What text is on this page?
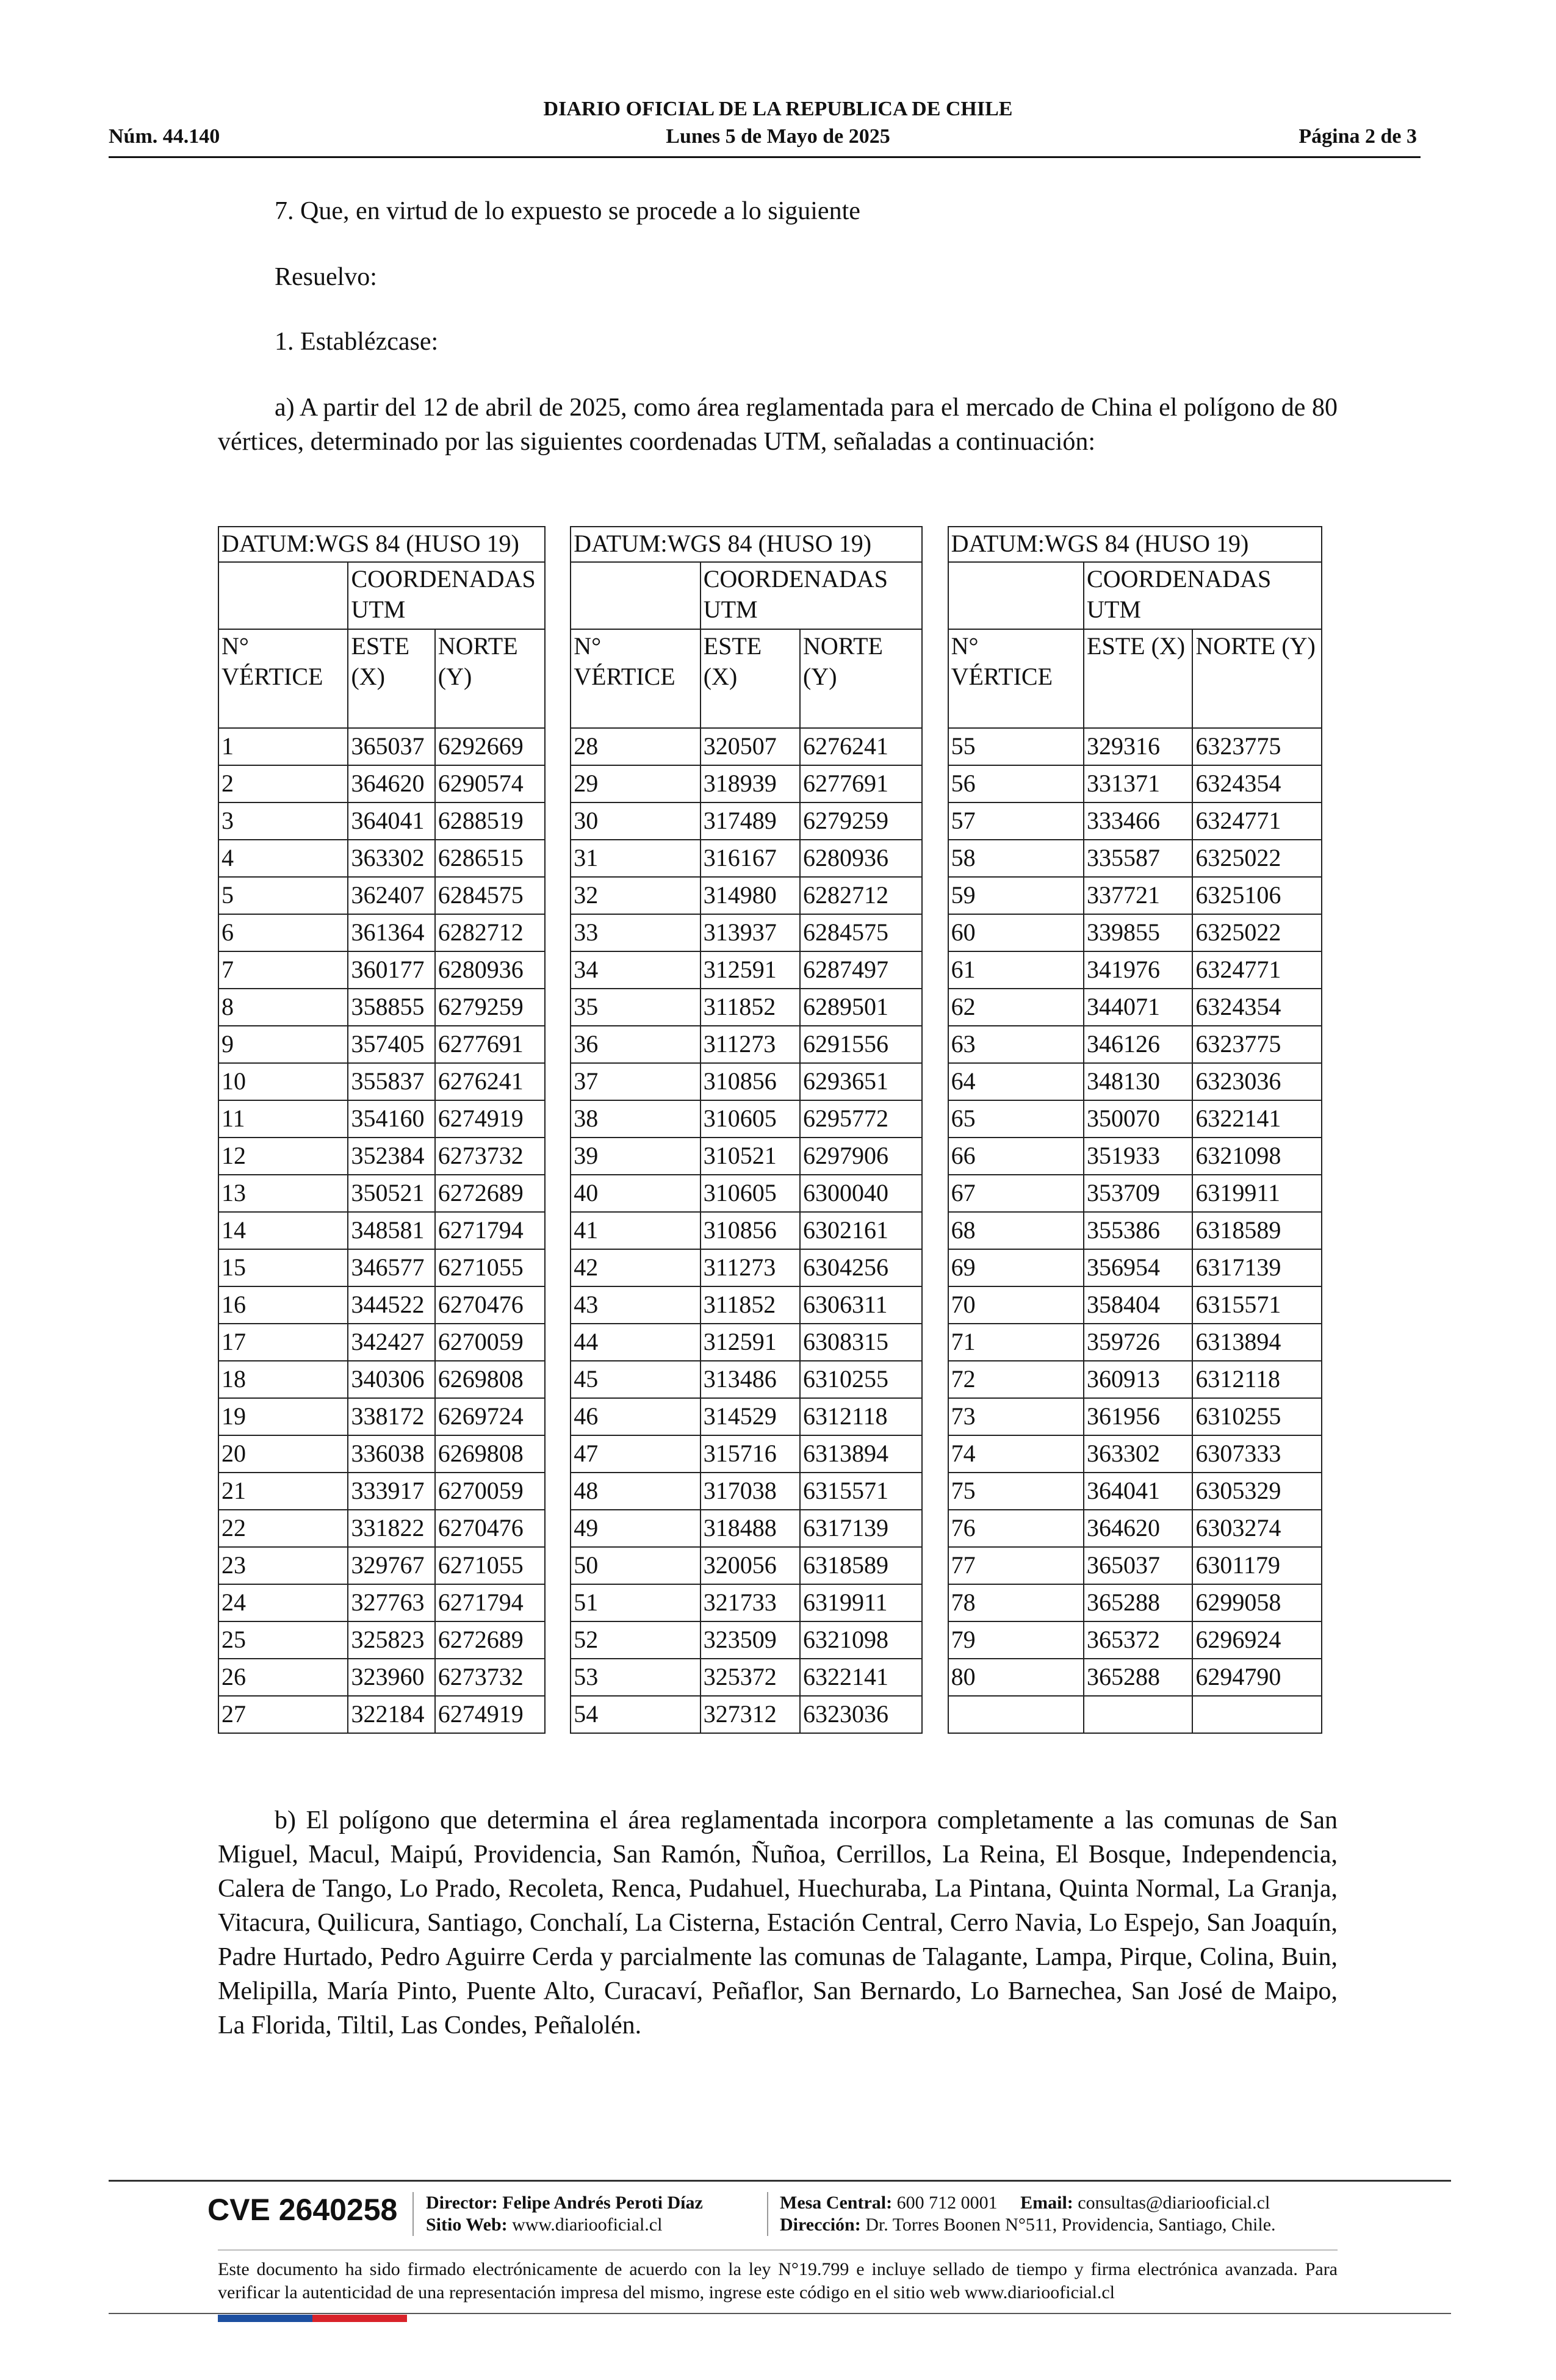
DIARIO OFICIAL DE LA REPUBLICA DE CHILE
Núm. 44.140	Lunes 5 de Mayo de 2025	Página 2 de 3
7. Que, en virtud de lo expuesto se procede a lo siguiente
Resuelvo:
1. Establézcase:
a) A partir del 12 de abril de 2025, como área reglamentada para el mercado de China el polígono de 80 vértices, determinado por las siguientes coordenadas UTM, señaladas a continuación:
DATUM:WGS 84 (HUSO 19)				DATUM:WGS 84 (HUSO 19)				DATUM:WGS 84 (HUSO 19)		
	COORDENADAS UTM				COORDENADAS UTM				COORDENADAS UTM	
N° VÉRTICE	ESTE (X)	NORTE (Y)		N° VÉRTICE	ESTE (X)	NORTE (Y)		N° VÉRTICE	ESTE (X)	NORTE (Y)
1	365037	6292669		28	320507	6276241		55	329316	6323775
2	364620	6290574		29	318939	6277691		56	331371	6324354
3	364041	6288519		30	317489	6279259		57	333466	6324771
4	363302	6286515		31	316167	6280936		58	335587	6325022
5	362407	6284575		32	314980	6282712		59	337721	6325106
6	361364	6282712		33	313937	6284575		60	339855	6325022
7	360177	6280936		34	312591	6287497		61	341976	6324771
8	358855	6279259		35	311852	6289501		62	344071	6324354
9	357405	6277691		36	311273	6291556		63	346126	6323775
10	355837	6276241		37	310856	6293651		64	348130	6323036
11	354160	6274919		38	310605	6295772		65	350070	6322141
12	352384	6273732		39	310521	6297906		66	351933	6321098
13	350521	6272689		40	310605	6300040		67	353709	6319911
14	348581	6271794		41	310856	6302161		68	355386	6318589
15	346577	6271055		42	311273	6304256		69	356954	6317139
16	344522	6270476		43	311852	6306311		70	358404	6315571
17	342427	6270059		44	312591	6308315		71	359726	6313894
18	340306	6269808		45	313486	6310255		72	360913	6312118
19	338172	6269724		46	314529	6312118		73	361956	6310255
20	336038	6269808		47	315716	6313894		74	363302	6307333
21	333917	6270059		48	317038	6315571		75	364041	6305329
22	331822	6270476		49	318488	6317139		76	364620	6303274
23	329767	6271055		50	320056	6318589		77	365037	6301179
24	327763	6271794		51	321733	6319911		78	365288	6299058
25	325823	6272689		52	323509	6321098		79	365372	6296924
26	323960	6273732		53	325372	6322141		80	365288	6294790
27	322184	6274919		54	327312	6323036				
b) El polígono que determina el área reglamentada incorpora completamente a las comunas de San Miguel, Macul, Maipú, Providencia, San Ramón, Ñuñoa, Cerrillos, La Reina, El Bosque, Independencia, Calera de Tango, Lo Prado, Recoleta, Renca, Pudahuel, Huechuraba, La Pintana, Quinta Normal, La Granja, Vitacura, Quilicura, Santiago, Conchalí, La Cisterna, Estación Central, Cerro Navia, Lo Espejo, San Joaquín, Padre Hurtado, Pedro Aguirre Cerda y parcialmente las comunas de Talagante, Lampa, Pirque, Colina, Buin, Melipilla, María Pinto, Puente Alto, Curacaví, Peñaflor, San Bernardo, Lo Barnechea, San José de Maipo, La Florida, Tiltil, Las Condes, Peñalolén.
CVE 2640258 Director: Felipe Andrés Peroti Díaz
Sitio Web: www.diariooficial.cl
Mesa Central: 600 712 0001 Email: consultas@diariooficial.cl
Dirección: Dr. Torres Boonen N°511, Providencia, Santiago, Chile.
Este documento ha sido firmado electrónicamente de acuerdo con la ley N°19.799 e incluye sellado de tiempo y firma electrónica avanzada. Para verificar la autenticidad de una representación impresa del mismo, ingrese este código en el sitio web www.diariooficial.cl
